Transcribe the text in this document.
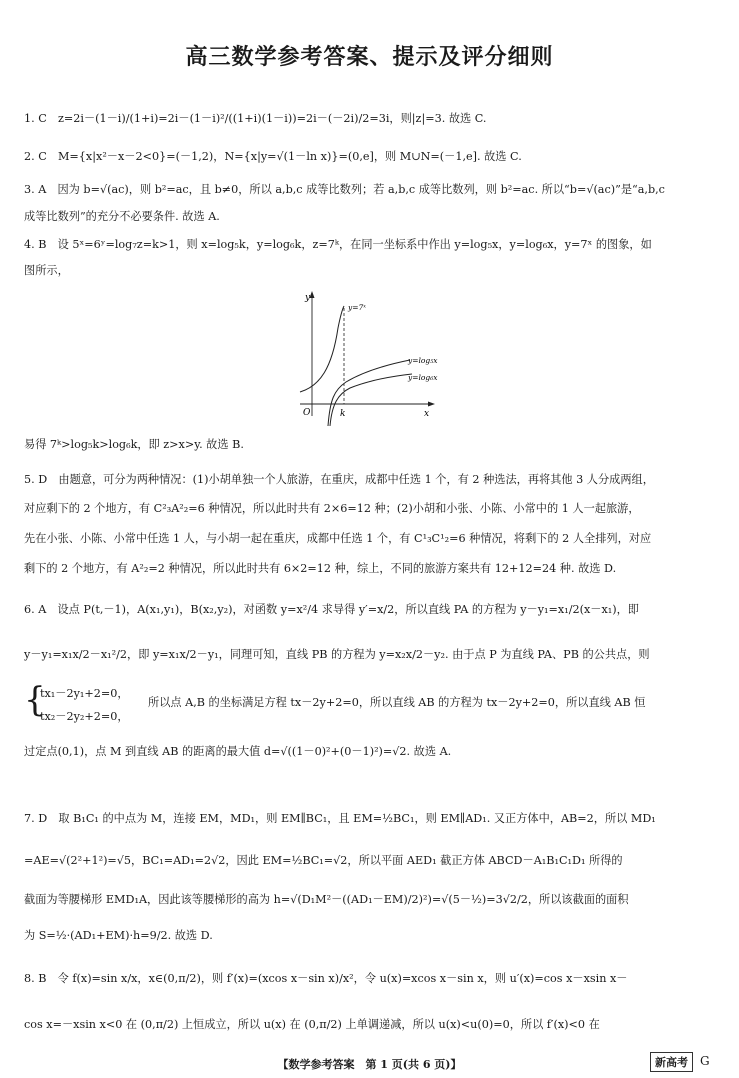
高三数学参考答案、提示及评分细则
1. C　z=2i－(1－i)/(1+i)=2i－(1－i)²/((1+i)(1－i))=2i－(－2i)/2=3i，则|z|=3. 故选 C.
2. C　M={x|x²－x－2<0}=(－1,2)，N={x|y=√(1－ln x)}=(0,e]，则 M∪N=(－1,e]. 故选 C.
3. A　因为 b=√(ac)，则 b²=ac，且 b≠0，所以 a,b,c 成等比数列；若 a,b,c 成等比数列，则 b²=ac. 所以“b=√(ac)”是“a,b,c
成等比数列”的充分不必要条件. 故选 A.
4. B　设 5ˣ=6ʸ=log₇z=k>1，则 x=log₅k，y=log₆k，z=7ᵏ，在同一坐标系中作出 y=log₅x，y=log₆x，y=7ˣ 的图象，如
图所示，
y
x
O	k
y=7ˣ
y=log₅x
y=log₆x
易得 7ᵏ>log₅k>log₆k，即 z>x>y. 故选 B.
5. D　由题意，可分为两种情况：(1)小胡单独一个人旅游，在重庆，成都中任选 1 个，有 2 种选法，再将其他 3 人分成两组，
对应剩下的 2 个地方，有 C²₃A²₂=6 种情况，所以此时共有 2×6=12 种；(2)小胡和小张、小陈、小常中的 1 人一起旅游，
先在小张、小陈、小常中任选 1 人，与小胡一起在重庆，成都中任选 1 个，有 C¹₃C¹₂=6 种情况，将剩下的 2 人全排列，对应
剩下的 2 个地方，有 A²₂=2 种情况，所以此时共有 6×2=12 种，综上，不同的旅游方案共有 12+12=24 种. 故选 D.
6. A　设点 P(t,－1)，A(x₁,y₁)，B(x₂,y₂)，对函数 y=x²/4 求导得 y′=x/2，所以直线 PA 的方程为 y－y₁=x₁/2(x－x₁)，即
y－y₁=x₁x/2－x₁²/2，即 y=x₁x/2－y₁，同理可知，直线 PB 的方程为 y=x₂x/2－y₂. 由于点 P 为直线 PA、PB 的公共点，则
{
tx₁－2y₁+2=0，
tx₂－2y₂+2=0，
所以点 A,B 的坐标满足方程 tx－2y+2=0，所以直线 AB 的方程为 tx－2y+2=0，所以直线 AB 恒
过定点(0,1)，点 M 到直线 AB 的距离的最大值 d=√((1－0)²+(0－1)²)=√2. 故选 A.
7. D　取 B₁C₁ 的中点为 M，连接 EM，MD₁，则 EM∥BC₁，且 EM=½BC₁，则 EM∥AD₁. 又正方体中，AB=2，所以 MD₁
=AE=√(2²+1²)=√5，BC₁=AD₁=2√2，因此 EM=½BC₁=√2，所以平面 AED₁ 截正方体 ABCD－A₁B₁C₁D₁ 所得的
截面为等腰梯形 EMD₁A，因此该等腰梯形的高为 h=√(D₁M²－((AD₁－EM)/2)²)=√(5－½)=3√2/2，所以该截面的面积
为 S=½·(AD₁+EM)·h=9/2. 故选 D.
8. B　令 f(x)=sin x/x，x∈(0,π/2)，则 f′(x)=(xcos x－sin x)/x²，令 u(x)=xcos x－sin x，则 u′(x)=cos x－xsin x－
cos x=－xsin x<0 在 (0,π/2) 上恒成立，所以 u(x) 在 (0,π/2) 上单调递减，所以 u(x)<u(0)=0，所以 f′(x)<0 在
【数学参考答案　第 1 页(共 6 页)】	新高考	G
